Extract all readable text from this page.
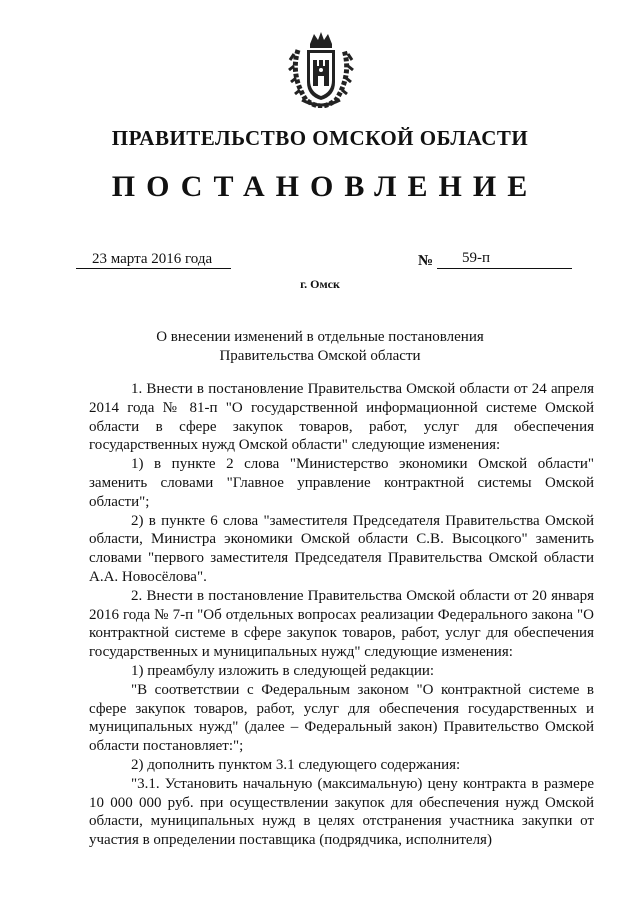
ПРАВИТЕЛЬСТВО ОМСКОЙ ОБЛАСТИ
ПОСТАНОВЛЕНИЕ
23 марта 2016 года	№ 59-п
г. Омск
О внесении изменений в отдельные постановления
Правительства Омской области

1. Внести в постановление Правительства Омской области от 24 апреля 2014 года № 81-п "О государственной информационной системе Омской области в сфере закупок товаров, работ, услуг для обеспечения государственных нужд Омской области" следующие изменения:

1) в пункте 2 слова "Министерство экономики Омской области" заменить словами "Главное управление контрактной системы Омской области";

2) в пункте 6 слова "заместителя Председателя Правительства Омской области, Министра экономики Омской области С.В. Высоцкого" заменить словами "первого заместителя Председателя Правительства Омской области А.А. Новосёлова".

2. Внести в постановление Правительства Омской области от 20 января 2016 года № 7-п "Об отдельных вопросах реализации Федерального закона "О контрактной системе в сфере закупок товаров, работ, услуг для обеспечения государственных и муниципальных нужд" следующие изменения:

1) преамбулу изложить в следующей редакции:

"В соответствии с Федеральным законом "О контрактной системе в сфере закупок товаров, работ, услуг для обеспечения государственных и муниципальных нужд" (далее – Федеральный закон) Правительство Омской области постановляет:";

2) дополнить пунктом 3.1 следующего содержания:

"3.1. Установить начальную (максимальную) цену контракта в размере 10 000 000 руб. при осуществлении закупок для обеспечения нужд Омской области, муниципальных нужд в целях отстранения участника закупки от участия в определении поставщика (подрядчика, исполнителя)
